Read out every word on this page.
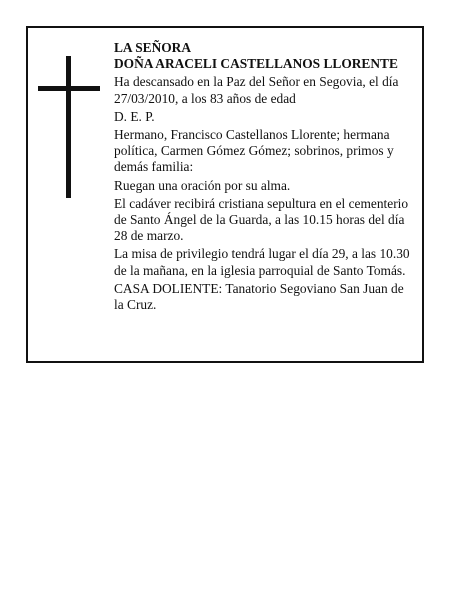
LA SEÑORA

DOÑA ARACELI CASTELLANOS LLORENTE

Ha descansado en la Paz del Señor en Segovia, el día 27/03/2010, a los 83 años de edad

D. E. P.

Hermano, Francisco Castellanos Llorente; hermana política, Carmen Gómez Gómez; sobrinos, primos y demás familia:

Ruegan una oración por su alma.

El cadáver recibirá cristiana sepultura en el cementerio de Santo Ángel de la Guarda, a las 10.15 horas del día 28 de marzo.

La misa de privilegio tendrá lugar el día 29, a las 10.30 de la mañana, en la iglesia parroquial de Santo Tomás.

CASA DOLIENTE: Tanatorio Segoviano San Juan de la Cruz.
